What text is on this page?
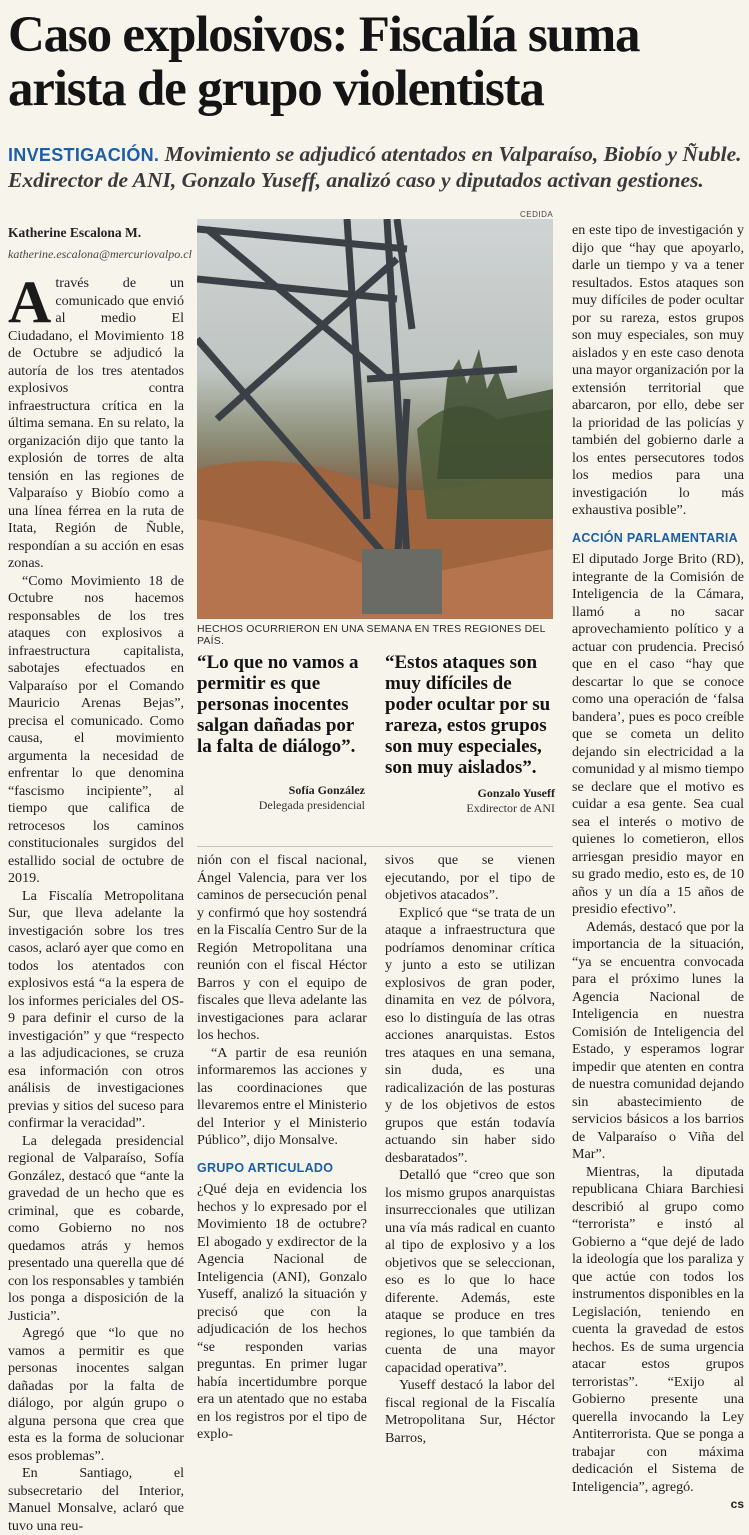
Caso explosivos: Fiscalía suma arista de grupo violentista

INVESTIGACIÓN. Movimiento se adjudicó atentados en Valparaíso, Biobío y Ñuble. Exdirector de ANI, Gonzalo Yuseff, analizó caso y diputados activan gestiones.

Katherine Escalona M.
katherine.escalona@mercuriovalpo.cl

Através de un comunicado que envió al medio El Ciudadano, el Movimiento 18 de Octubre se adjudicó la autoría de los tres atentados explosivos contra infraestructura crítica en la última semana. En su relato, la organización dijo que tanto la explosión de torres de alta tensión en las regiones de Valparaíso y Biobío como a una línea férrea en la ruta de Itata, Región de Ñuble, respondían a su acción en esas zonas.

“Como Movimiento 18 de Octubre nos hacemos responsables de los tres ataques con explosivos a infraestructura capitalista, sabotajes efectuados en Valparaíso por el Comando Mauricio Arenas Bejas”, precisa el comunicado. Como causa, el movimiento argumenta la necesidad de enfrentar lo que denomina “fascismo incipiente”, al tiempo que califica de retrocesos los caminos constitucionales surgidos del estallido social de octubre de 2019.

La Fiscalía Metropolitana Sur, que lleva adelante la investigación sobre los tres casos, aclaró ayer que como en todos los atentados con explosivos está “a la espera de los informes periciales del OS-9 para definir el curso de la investigación” y que “respecto a las adjudicaciones, se cruza esa información con otros análisis de investigaciones previas y sitios del suceso para confirmar la veracidad”.

La delegada presidencial regional de Valparaíso, Sofía González, destacó que “ante la gravedad de un hecho que es criminal, que es cobarde, como Gobierno no nos quedamos atrás y hemos presentado una querella que dé con los responsables y también los ponga a disposición de la Justicia”.

Agregó que “lo que no vamos a permitir es que personas inocentes salgan dañadas por la falta de diálogo, por algún grupo o alguna persona que crea que esta es la forma de solucionar esos problemas”.

En Santiago, el subsecretario del Interior, Manuel Monsalve, aclaró que tuvo una reu-

CEDIDA
HECHOS OCURRIERON EN UNA SEMANA EN TRES REGIONES DEL PAÍS.
“Lo que no vamos a permitir es que personas inocentes salgan dañadas por la falta de diálogo”.
Sofía González
Delegada presidencial
“Estos ataques son muy difíciles de poder ocultar por su rareza, estos grupos son muy especiales, son muy aislados”.
Gonzalo Yuseff
Exdirector de ANI

nión con el fiscal nacional, Ángel Valencia, para ver los caminos de persecución penal y confirmó que hoy sostendrá en la Fiscalía Centro Sur de la Región Metropolitana una reunión con el fiscal Héctor Barros y con el equipo de fiscales que lleva adelante las investigaciones para aclarar los hechos.

“A partir de esa reunión informaremos las acciones y las coordinaciones que llevaremos entre el Ministerio del Interior y el Ministerio Público”, dijo Monsalve.

GRUPO ARTICULADO

¿Qué deja en evidencia los hechos y lo expresado por el Movimiento 18 de octubre? El abogado y exdirector de la Agencia Nacional de Inteligencia (ANI), Gonzalo Yuseff, analizó la situación y precisó que con la adjudicación de los hechos “se responden varias preguntas. En primer lugar había incertidumbre porque era un atentado que no estaba en los registros por el tipo de explo-

sivos que se vienen ejecutando, por el tipo de objetivos atacados”.

Explicó que “se trata de un ataque a infraestructura que podríamos denominar crítica y junto a esto se utilizan explosivos de gran poder, dinamita en vez de pólvora, eso lo distinguía de las otras acciones anarquistas. Estos tres ataques en una semana, sin duda, es una radicalización de las posturas y de los objetivos de estos grupos que están todavía actuando sin haber sido desbaratados”.

Detalló que “creo que son los mismo grupos anarquistas insurreccionales que utilizan una vía más radical en cuanto al tipo de explosivo y a los objetivos que se seleccionan, eso es lo que lo hace diferente. Además, este ataque se produce en tres regiones, lo que también da cuenta de una mayor capacidad operativa”.

Yuseff destacó la labor del fiscal regional de la Fiscalía Metropolitana Sur, Héctor Barros,

en este tipo de investigación y dijo que “hay que apoyarlo, darle un tiempo y va a tener resultados. Estos ataques son muy difíciles de poder ocultar por su rareza, estos grupos son muy especiales, son muy aislados y en este caso denota una mayor organización por la extensión territorial que abarcaron, por ello, debe ser la prioridad de las policías y también del gobierno darle a los entes persecutores todos los medios para una investigación lo más exhaustiva posible”.

ACCIÓN PARLAMENTARIA

El diputado Jorge Brito (RD), integrante de la Comisión de Inteligencia de la Cámara, llamó a no sacar aprovechamiento político y a actuar con prudencia. Precisó que en el caso “hay que descartar lo que se conoce como una operación de ‘falsa bandera’, pues es poco creíble que se cometa un delito dejando sin electricidad a la comunidad y al mismo tiempo se declare que el motivo es cuidar a esa gente. Sea cual sea el interés o motivo de quienes lo cometieron, ellos arriesgan presidio mayor en su grado medio, esto es, de 10 años y un día a 15 años de presidio efectivo”.

Además, destacó que por la importancia de la situación, “ya se encuentra convocada para el próximo lunes la Agencia Nacional de Inteligencia en nuestra Comisión de Inteligencia del Estado, y esperamos lograr impedir que atenten en contra de nuestra comunidad dejando sin abastecimiento de servicios básicos a los barrios de Valparaíso o Viña del Mar”.

Mientras, la diputada republicana Chiara Barchiesi describió al grupo como “terrorista” e instó al Gobierno a “que dejé de lado la ideología que los paraliza y que actúe con todos los instrumentos disponibles en la Legislación, teniendo en cuenta la gravedad de estos hechos. Es de suma urgencia atacar estos grupos terroristas”. “Exijo al Gobierno presente una querella invocando la Ley Antiterrorista. Que se ponga a trabajar con máxima dedicación el Sistema de Inteligencia”, agregó.

cs
